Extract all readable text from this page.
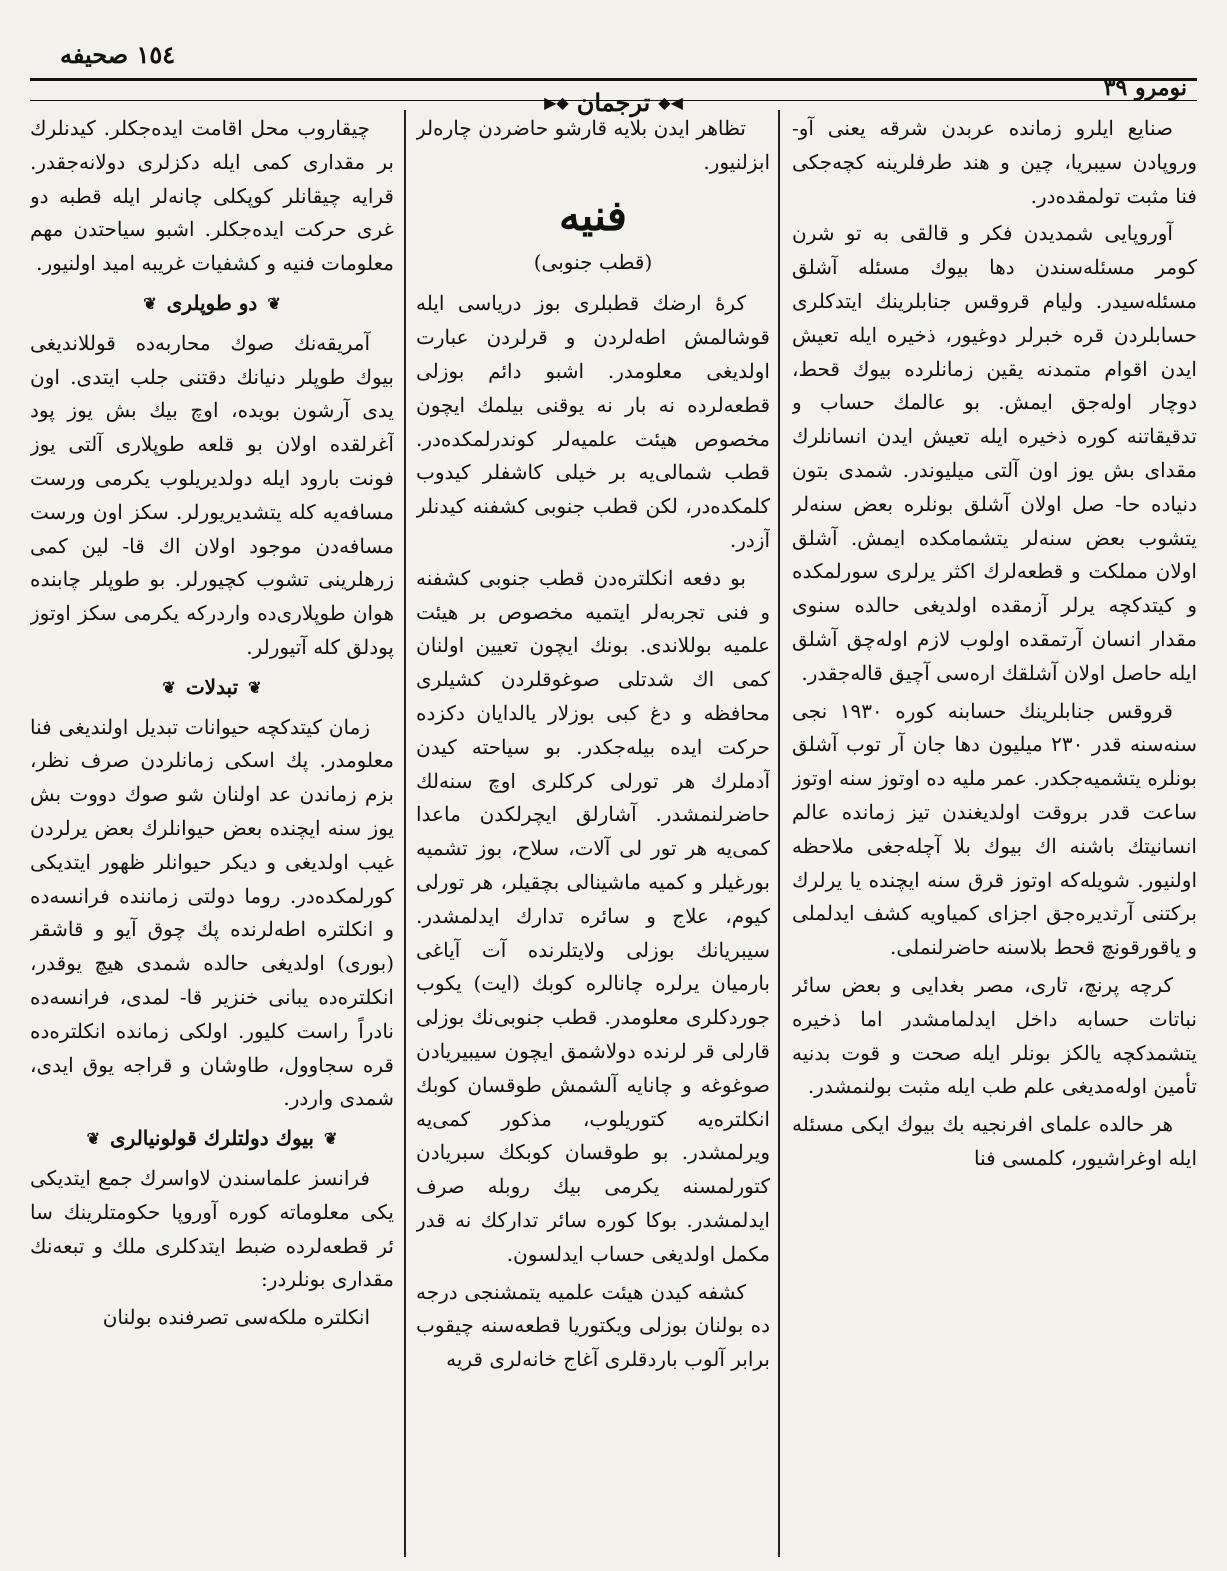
نومرو ٣٩
◀◆
ترجمان
◆▶
١٥٤ صحيفه

صنایع ایلرو زمانده عربدن شرقه یعنی آو- وروپادن سیبریا، چین و هند طرفلرینه کچه‌جکی فنا مثبت تولمقده‌در.

آوروپایی شمدیدن فکر و قالقی به تو شرن کومر مسئله‌سندن دها بیوك مسئله آشلق مسئله‌سیدر. ولیام قروقس جنابلرینك ایتدکلری حسابلردن قره خبرلر دوغیور، ذخیره ایله تعیش ایدن اقوام متمدنه یقین زمانلرده بیوك قحط، دوچار اوله‌جق ایمش. بو عالمك حساب و تدقیقاتنه کوره ذخیره ایله تعیش ایدن انسانلرك مقدای بش یوز اون آلتی میلیوندر. شمدی بتون دنیاده حا- صل اولان آشلق بونلره بعض سنه‌لر یتشوب بعض سنه‌لر یتشمامکده ایمش. آشلق اولان مملکت و قطعه‌لرك اکثر یرلری سورلمکده و کیتدکچه یرلر آزمقده اولدیغی حالده سنوی مقدار انسان آرتمقده اولوب لازم اوله‌چق آشلق ایله حاصل اولان آشلقك اره‌سی آچیق قاله‌جقدر.

قروقس جنابلرینك حسابنه کوره ١٩٣٠ نجی سنه‌سنه قدر ٢٣٠ میلیون دها جان آر توب آشلق بونلره یتشمیه‌جکدر. عمر ملیه ده اوتوز سنه اوتوز ساعت قدر بروقت اولدیغندن تیز زمانده عالم انسانیتك باشنه اك بیوك بلا آچله‌جغی ملاحظه اولنیور. شویله‌که اوتوز قرق سنه ایچنده یا یرلرك برکتنی آرتدیره‌جق اجزای کمیاویه کشف ایدلملی و یاقورقونچ قحط بلاسنه حاضرلنملی.

کرچه پرنچ، تاری، مصر بغدایی و بعض سائر نباتات حسابه داخل ایدلمامشدر اما ذخیره یتشمدکچه یالکز بونلر ایله صحت و قوت بدنیه تأمین اوله‌مدیغی علم طب ایله مثبت بولنمشدر.

هر حالده علمای افرنجیه بك بیوك ایکی مسئله ایله اوغراشیور، کلمسی فنا

تظاهر ایدن بلایه قارشو حاضردن چاره‌لر ابزلنیور.

فنیه
(قطب جنوبی)

کرهٔ ارضك قطبلری بوز دریاسی ایله قوشالمش اطه‌لردن و قرلردن عبارت اولدیغی معلومدر. اشبو دائم بوزلی قطعه‌لرده نه بار نه یوقنی بیلمك ایچون مخصوص هیئت علمیه‌لر کوندرلمکده‌در. قطب شمالی‌یه بر خیلی کاشفلر کیدوب کلمکده‌در، لکن قطب جنوبی کشفنه کیدنلر آزدر.

بو دفعه انکلتره‌دن قطب جنوبی کشفنه و فنی تجربه‌لر ایتمیه مخصوص بر هیئت علمیه بوللاندی. بونك ایچون تعیین اولنان کمی اك شدتلی صوغوقلردن کشیلری محافظه و دغ کبی بوزلار یالدایان دکزده حرکت ایده بیله‌جکدر. بو سیاحته کیدن آدملرك هر تورلی کرکلری اوچ سنه‌لك حاضرلنمشدر. آشارلق ایچرلکدن ماعدا کمی‌یه هر تور لی آلات، سلاح، بوز تشمیه بورغیلر و کمیه ماشینالی بچقیلر، هر تورلی کیوم، علاج و سائره تدارك ایدلمشدر. سیبریانك بوزلی ولایتلرنده آت آیاغی بارمیان یرلره چانالره کوبك (ایت) یکوب جوردکلری معلومدر. قطب جنوبی‌نك بوزلی قارلی قر لرنده دولاشمق ایچون سیبیریادن صوغوغه و چانایه آلشمش طوقسان کوبك انکلتره‌یه کتوریلوب، مذکور کمی‌یه ویرلمشدر. بو طوقسان کوبکك سبریادن کتورلمسنه یکرمی بیك روبله صرف ایدلمشدر. بوکا کوره سائر تدارکك نه قدر مکمل اولدیغی حساب ایدلسون.

کشفه کیدن هیئت علمیه یتمشنجی درجه ده بولنان بوزلی ویکتوریا قطعه‌سنه چیقوب برابر آلوب باردقلری آغاج خانه‌لری قریه

چیقاروب محل اقامت ایده‌جکلر. کیدنلرك بر مقداری کمی ایله دکزلری دولانه‌جقدر. قرایه چیقانلر کوپکلی چانه‌لر ایله قطبه دو غری حرکت ایده‌جکلر. اشبو سیاحتدن مهم معلومات فنیه و کشفیات غریبه امید اولنیور.

❦
دو طوپلری
❦

آمریقه‌نك صوك محاربه‌ده قوللاندیغی بیوك طوپلر دنیانك دقتنی جلب ایتدی. اون یدی آرشون بویده، اوچ بیك بش یوز پود آغرلقده اولان بو قلعه طوپلاری آلتی یوز فونت بارود ایله دولدیریلوب یکرمی ورست مسافه‌یه کله یتشدیریورلر. سکز اون ورست مسافه‌دن موجود اولان اك قا- لین کمی زرهلرینی تشوب کچیورلر. بو طوپلر چابنده هوان طوپلاری‌ده واردرکه یکرمی سکز اوتوز پودلق کله آتیورلر.

❦
تبدلات
❦

زمان کیتدکچه حیوانات تبدیل اولندیغی فنا معلومدر. پك اسکی زمانلردن صرف نظر، بزم زماندن عد اولنان شو صوك دووت بش یوز سنه ایچنده بعض حیوانلرك بعض یرلردن غیب اولدیغی و دیکر حیوانلر ظهور ایتدیکی کورلمکده‌در. روما دولتی زماننده فرانسه‌ده و انکلتره اطه‌لرنده پك چوق آیو و قاشقر (بوری) اولدیغی حالده شمدی هیچ یوقدر، انکلتره‌ده یبانی خنزیر قا- لمدی، فرانسه‌ده نادراً راست کلیور. اولکی زمانده انکلتره‌ده قره سجاوول، طاوشان و قراجه یوق ایدی، شمدی واردر.

❦
بیوك دولتلرك قولونیالری
❦

فرانسز علماسندن لاواسرك جمع ایتدیکی یکی معلوماته کوره آوروپا حکومتلرینك سا ئر قطعه‌لرده ضبط ایتدکلری ملك و تبعه‌نك مقداری بونلردر:

انکلتره ملکه‌سی تصرفنده بولنان
